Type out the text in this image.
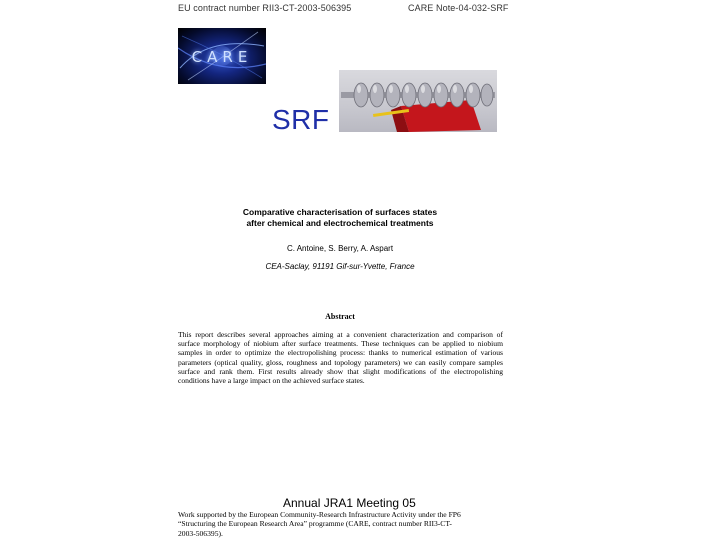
EU contract number RII3-CT-2003-506395	CARE Note-04-032-SRF
CARE
SRF
Comparative characterisation of surfaces states
after chemical and electrochemical treatments
C. Antoine, S. Berry, A. Aspart
CEA-Saclay, 91191 Gif-sur-Yvette, France
Abstract
This report describes several approaches aiming at a convenient characterization and comparison of surface morphology of niobium after surface treatments. These techniques can be applied to niobium samples in order to optimize the electropolishing process: thanks to numerical estimation of various parameters (optical quality, gloss, roughness and topology parameters) we can easily compare samples surface and rank them. First results already show that slight modifications of the electropolishing conditions have a large impact on the achieved surface states.
Annual JRA1 Meeting 05
Work supported by the European Community-Research Infrastructure Activity under the FP6
“Structuring the European Research Area” programme (CARE, contract number RII3-CT-
2003-506395).
